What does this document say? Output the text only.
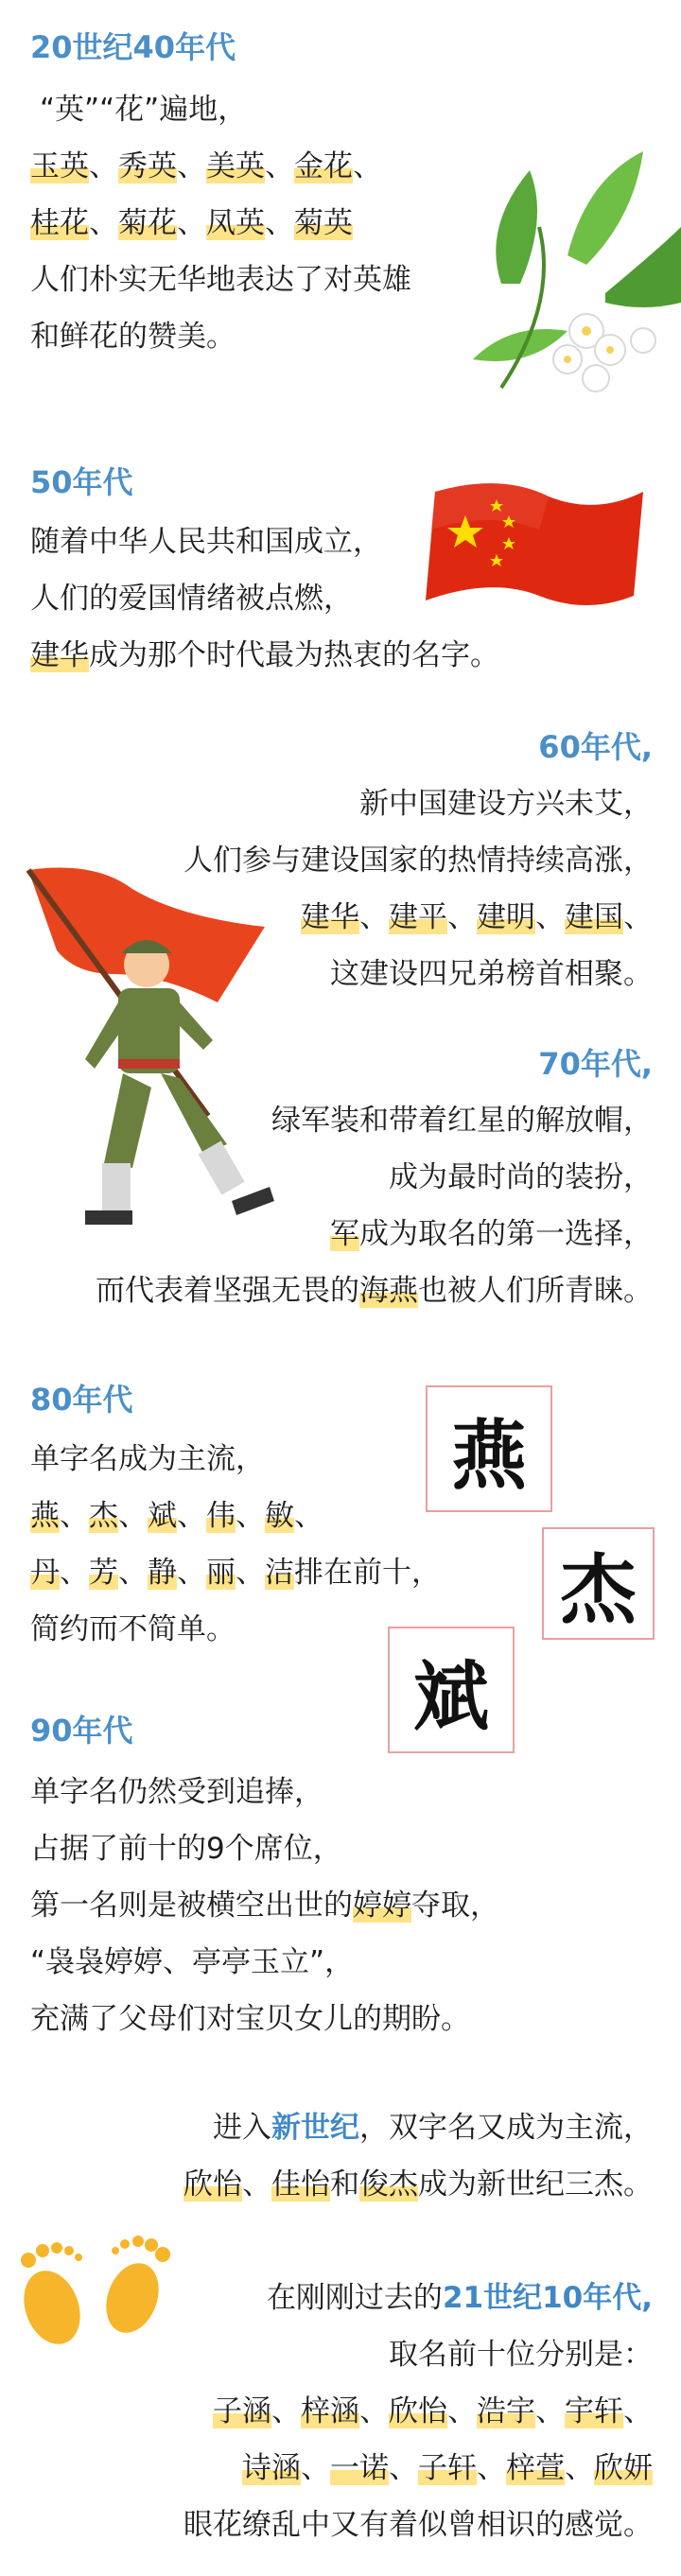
20世纪40年代
“英”“花”遍地，
玉英、秀英、美英、金花、
桂花、菊花、凤英、菊英
人们朴实无华地表达了对英雄
和鲜花的赞美。
50年代
随着中华人民共和国成立，
人们的爱国情绪被点燃，
建华成为那个时代最为热衷的名字。
60年代,
新中国建设方兴未艾，
人们参与建设国家的热情持续高涨，
建华、建平、建明、建国、
这建设四兄弟榜首相聚。
70年代,
绿军装和带着红星的解放帽，
成为最时尚的装扮，
军成为取名的第一选择，
而代表着坚强无畏的海燕也被人们所青睐。
80年代
单字名成为主流，
燕、杰、斌、伟、敏、
丹、芳、静、丽、洁排在前十，
简约而不简单。
燕
杰
斌
90年代
单字名仍然受到追捧，
占据了前十的9个席位，
第一名则是被横空出世的婷婷夺取，
“袅袅婷婷、亭亭玉立”，
充满了父母们对宝贝女儿的期盼。
进入新世纪，双字名又成为主流，
欣怡、佳怡和俊杰成为新世纪三杰。
在刚刚过去的21世纪10年代,
取名前十位分别是：
子涵、梓涵、欣怡、浩宇、宇轩、
诗涵、一诺、子轩、梓萱、欣妍
眼花缭乱中又有着似曾相识的感觉。
